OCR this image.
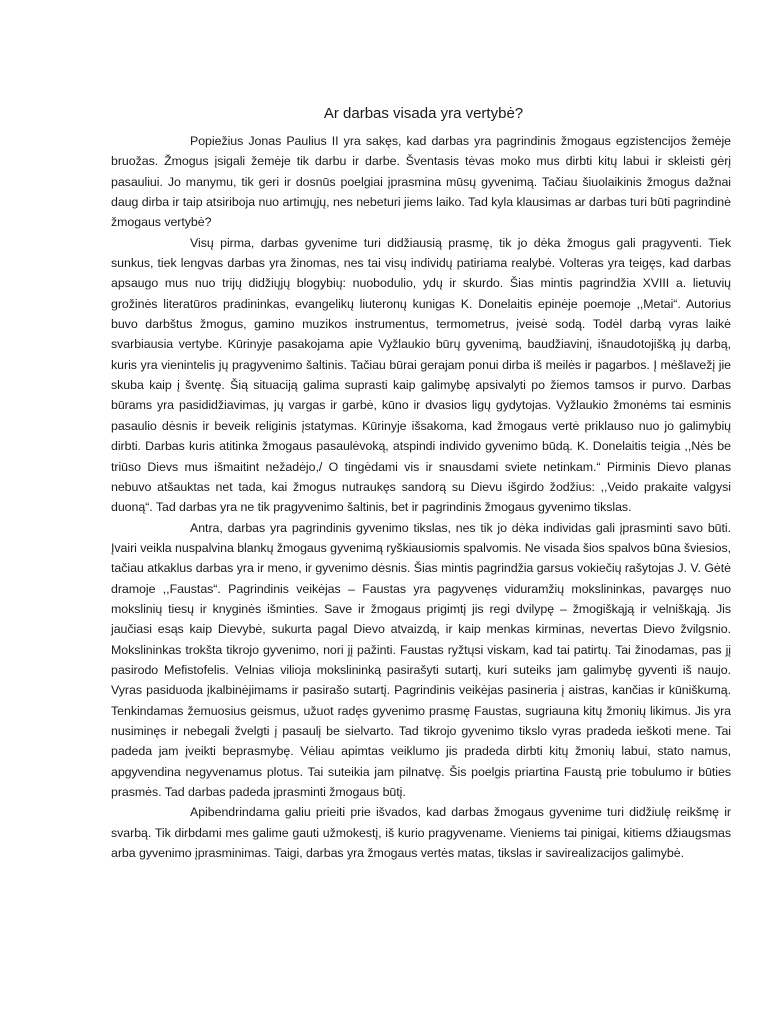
Ar darbas visada yra vertybė?

Popiežius Jonas Paulius II yra sakęs, kad darbas yra pagrindinis žmogaus egzistencijos žemėje bruožas. Žmogus įsigali žemėje tik darbu ir darbe. Šventasis tėvas moko mus dirbti kitų labui ir skleisti gėrį pasauliui. Jo manymu, tik geri ir dosnūs poelgiai įprasmina mūsų gyvenimą. Tačiau šiuolaikinis žmogus dažnai daug dirba ir taip atsiriboja nuo artimųjų, nes nebeturi jiems laiko. Tad kyla klausimas ar darbas turi būti pagrindinė žmogaus vertybė?

Visų pirma, darbas gyvenime turi didžiausią prasmę, tik jo dėka žmogus gali pragyventi. Tiek sunkus, tiek lengvas darbas yra žinomas, nes tai visų individų patiriama realybė. Volteras yra teigęs, kad darbas apsaugo mus nuo trijų didžiųjų blogybių: nuobodulio, ydų ir skurdo. Šias mintis pagrindžia XVIII a. lietuvių grožinės literatūros pradininkas, evangelikų liuteronų kunigas K. Donelaitis epinėje poemoje ,,Metai“. Autorius buvo darbštus žmogus, gamino muzikos instrumentus, termometrus, įveisė sodą. Todėl darbą vyras laikė svarbiausia vertybe. Kūrinyje pasakojama apie Vyžlaukio būrų gyvenimą, baudžiavinį, išnaudotojišką jų darbą, kuris yra vienintelis jų pragyvenimo šaltinis. Tačiau būrai gerajam ponui dirba iš meilės ir pagarbos. Į mėšlavežį jie skuba kaip į šventę. Šią situaciją galima suprasti kaip galimybę apsivalyti po žiemos tamsos ir purvo. Darbas būrams yra pasididžiavimas, jų vargas ir garbė, kūno ir dvasios ligų gydytojas. Vyžlaukio žmonėms tai esminis pasaulio dėsnis ir beveik religinis įstatymas. Kūrinyje išsakoma, kad žmogaus vertė priklauso nuo jo galimybių dirbti. Darbas kuris atitinka žmogaus pasaulėvoką, atspindi individo gyvenimo būdą. K. Donelaitis teigia ,,Nės be triūso Dievs mus išmaitint nežadėjo,/ O tingėdami vis ir snausdami sviete netinkam.“ Pirminis Dievo planas nebuvo atšauktas net tada, kai žmogus nutraukęs sandorą su Dievu išgirdo žodžius: ,,Veido prakaite valgysi duoną“. Tad darbas yra ne tik pragyvenimo šaltinis, bet ir pagrindinis žmogaus gyvenimo tikslas.

Antra, darbas yra pagrindinis gyvenimo tikslas, nes tik jo dėka individas gali įprasminti savo būti. Įvairi veikla nuspalvina blankų žmogaus gyvenimą ryškiausiomis spalvomis. Ne visada šios spalvos būna šviesios, tačiau atkaklus darbas yra ir meno, ir gyvenimo dėsnis. Šias mintis pagrindžia garsus vokiečių rašytojas J. V. Gėtė dramoje ,,Faustas“. Pagrindinis veikėjas – Faustas yra pagyvenęs viduramžių mokslininkas, pavargęs nuo mokslinių tiesų ir knyginės išminties. Save ir žmogaus prigimtį jis regi dvilypę – žmogiškąją ir velniškąją. Jis jaučiasi esąs kaip Dievybė, sukurta pagal Dievo atvaizdą, ir kaip menkas kirminas, nevertas Dievo žvilgsnio. Mokslininkas trokšta tikrojo gyvenimo, nori jį pažinti. Faustas ryžtųsi viskam, kad tai patirtų. Tai žinodamas, pas jį pasirodo Mefistofelis. Velnias vilioja mokslininką pasirašyti sutartį, kuri suteiks jam galimybę gyventi iš naujo. Vyras pasiduoda įkalbinėjimams ir pasirašo sutartį. Pagrindinis veikėjas pasineria į aistras, kančias ir kūniškumą. Tenkindamas žemuosius geismus, užuot radęs gyvenimo prasmę Faustas, sugriauna kitų žmonių likimus. Jis yra nusiminęs ir nebegali žvelgti į pasaulį be sielvarto. Tad tikrojo gyvenimo tikslo vyras pradeda ieškoti mene. Tai padeda jam įveikti beprasmybę. Vėliau apimtas veiklumo jis pradeda dirbti kitų žmonių labui, stato namus, apgyvendina negyvenamus plotus. Tai suteikia jam pilnatvę. Šis poelgis priartina Faustą prie tobulumo ir būties prasmės. Tad darbas padeda įprasminti žmogaus būtį.

Apibendrindama galiu prieiti prie išvados, kad darbas žmogaus gyvenime turi didžiulę reikšmę ir svarbą. Tik dirbdami mes galime gauti užmokestį, iš kurio pragyvename. Vieniems tai pinigai, kitiems džiaugsmas arba gyvenimo įprasminimas. Taigi, darbas yra žmogaus vertės matas, tikslas ir savirealizacijos galimybė.
